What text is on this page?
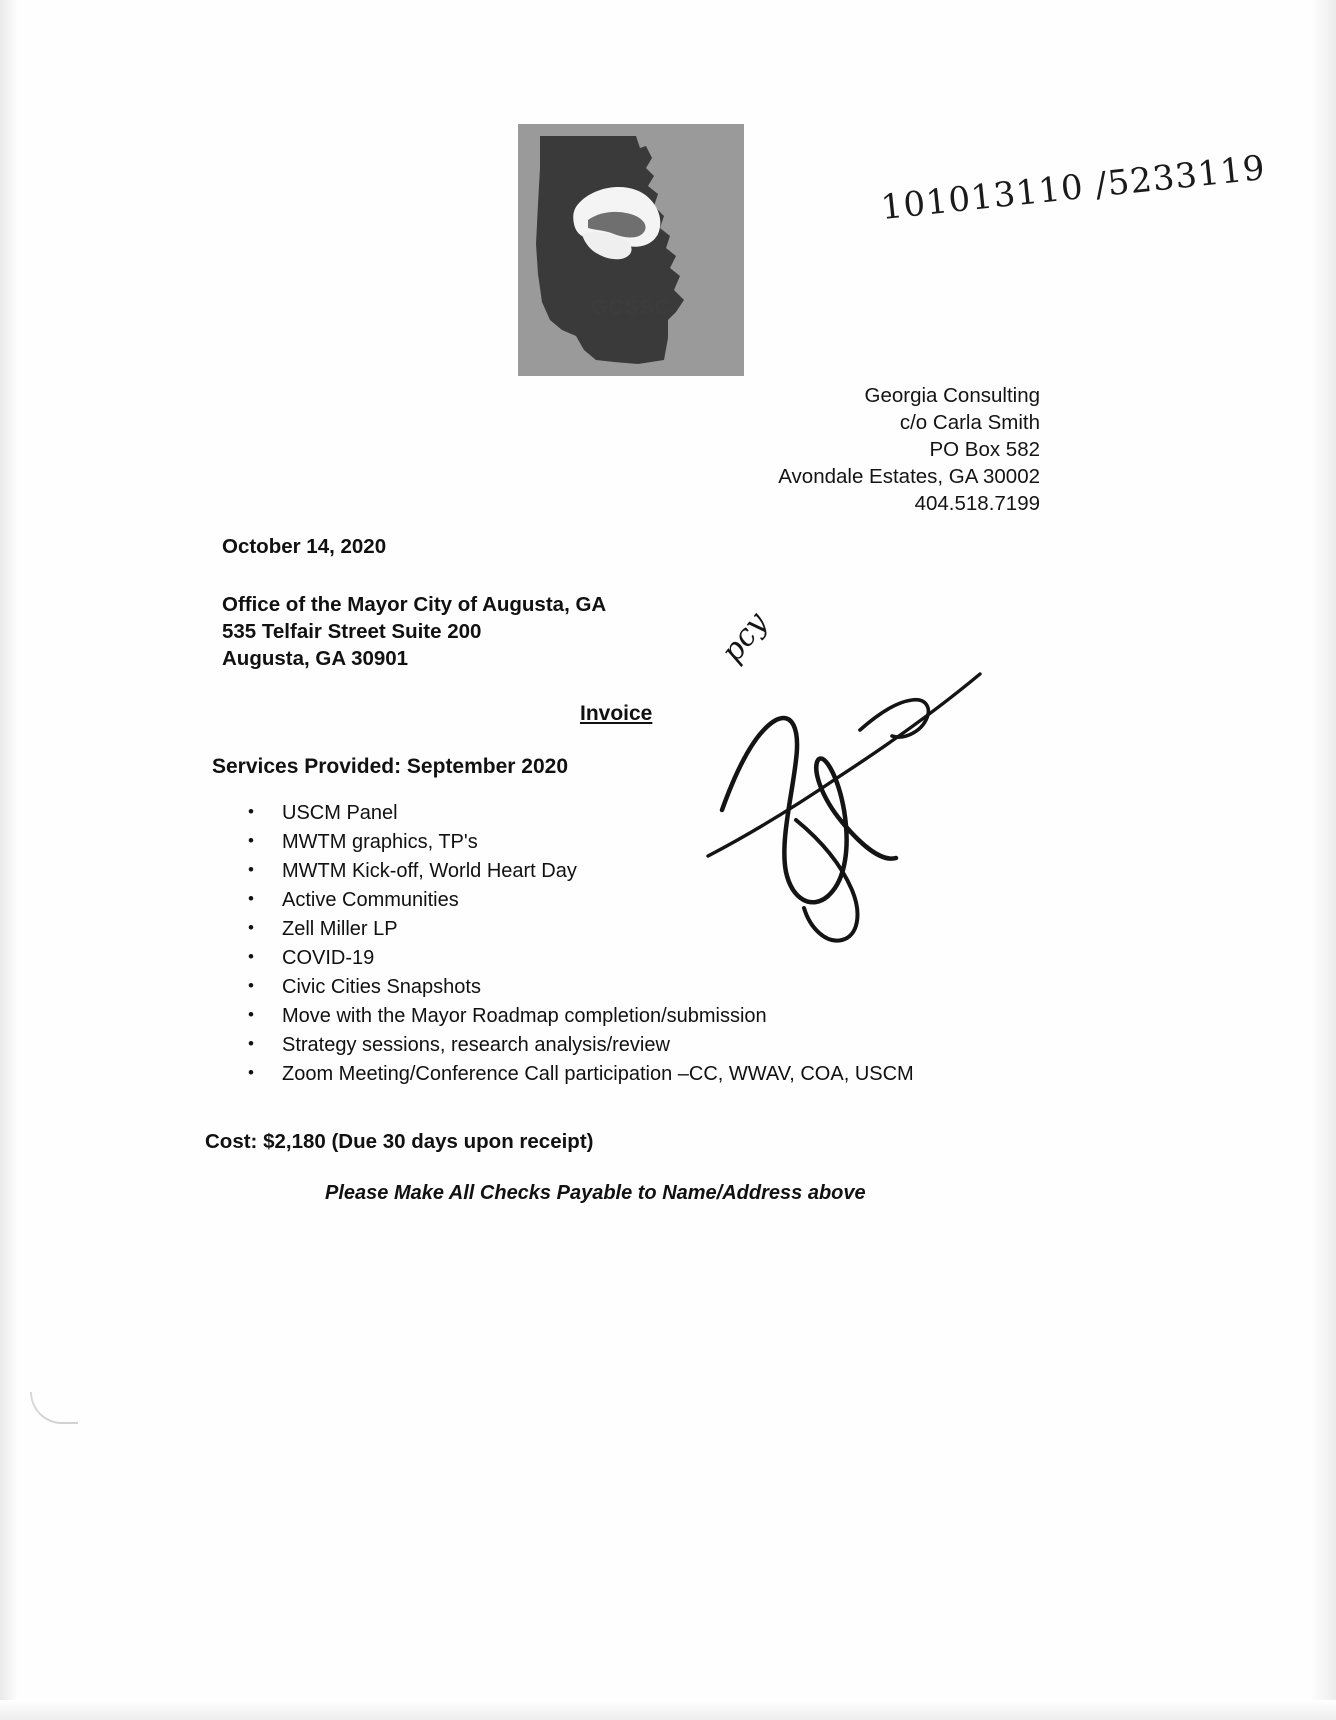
GCSSC
101013110 /5233119
Georgia Consulting
c/o Carla Smith
PO Box 582
Avondale Estates, GA 30002
404.518.7199
October 14, 2020
Office of the Mayor City of Augusta, GA
535 Telfair Street Suite 200
Augusta, GA 30901
Invoice
Services Provided: September 2020
• USCM Panel
• MWTM graphics, TP's
• MWTM Kick-off, World Heart Day
• Active Communities
• Zell Miller LP
• COVID-19
• Civic Cities Snapshots
• Move with the Mayor Roadmap completion/submission
• Strategy sessions, research analysis/review
• Zoom Meeting/Conference Call participation –CC, WWAV, COA, USCM
Cost: $2,180 (Due 30 days upon receipt)
Please Make All Checks Payable to Name/Address above
pcy
